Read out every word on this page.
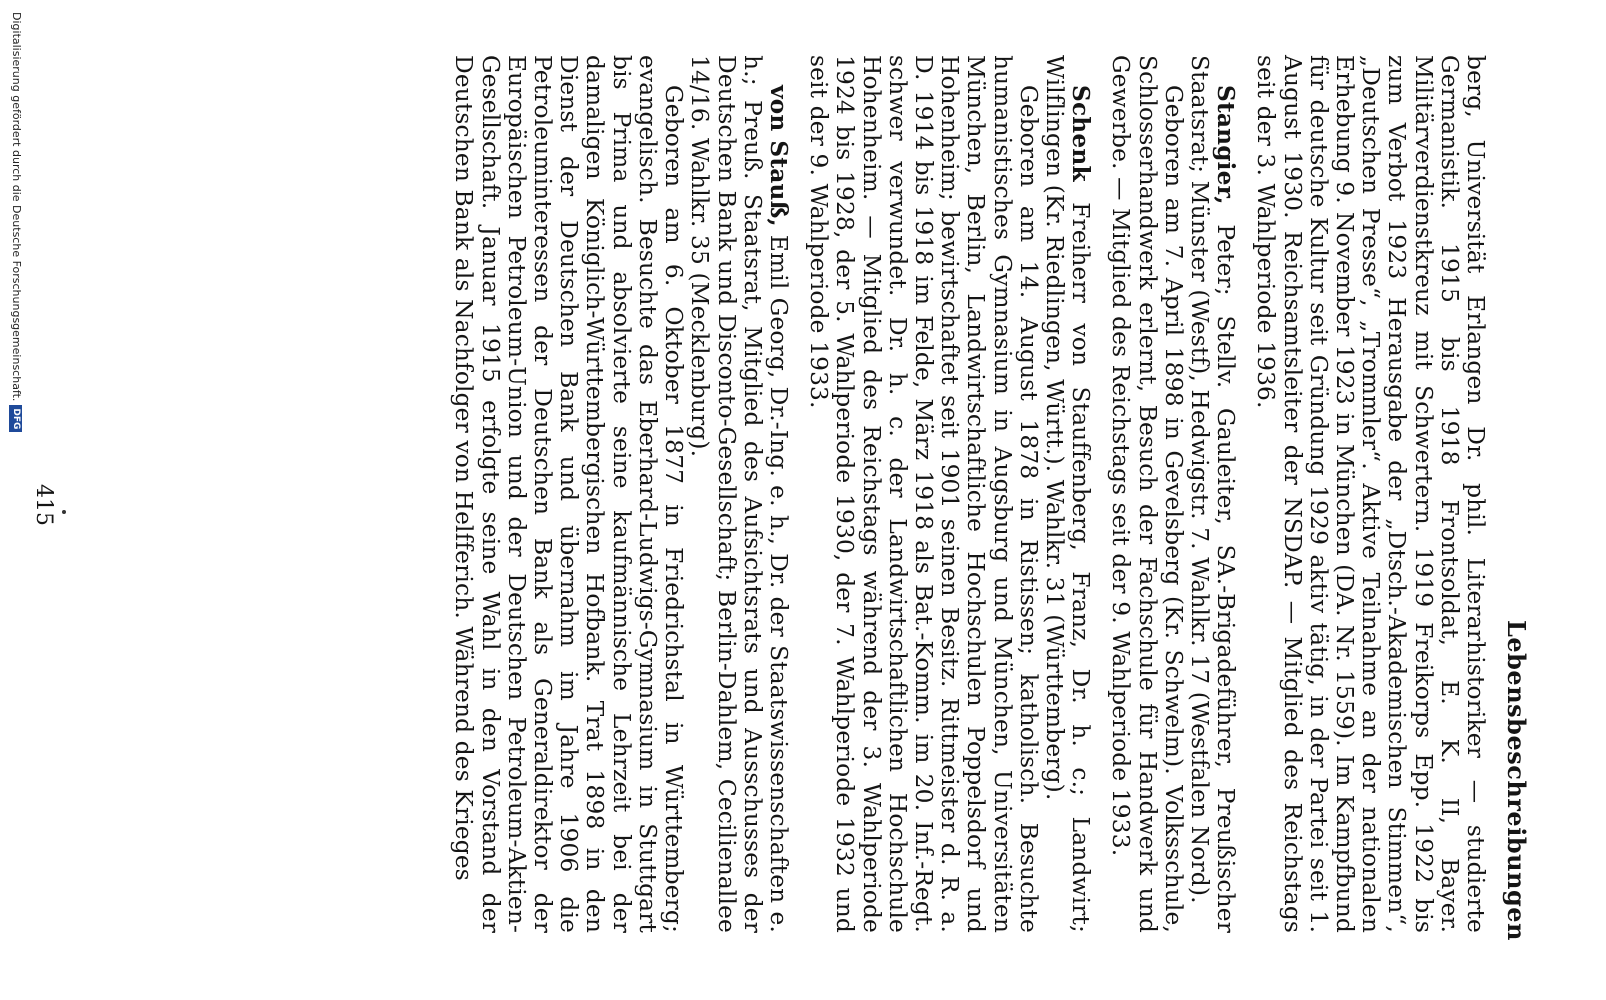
Lebensbeschreibungen

berg, Universität Erlangen Dr. phil. Literarhistoriker — studierte Germanistik. 1915 bis 1918 Frontsoldat, E. K. II, Bayer. Militärverdienstkreuz mit Schwertern. 1919 Freikorps Epp. 1922 bis zum Verbot 1923 Herausgabe der „Dtsch.-Akademischen Stimmen“, „Deutschen Presse“, „Trommler“. Aktive Teilnahme an der nationalen Erhebung 9. November 1923 in München (DA. Nr. 1559). Im Kampfbund für deutsche Kultur seit Gründung 1929 aktiv tätig, in der Partei seit 1. August 1930. Reichsamtsleiter der NSDAP. — Mitglied des Reichstags seit der 3. Wahlperiode 1936.

Stangier, Peter; Stellv. Gauleiter, SA.-Brigadeführer, Preußischer Staatsrat; Münster (Westf), Hedwigstr. 7. Wahlkr. 17 (Westfalen Nord).

Geboren am 7. April 1898 in Gevelsberg (Kr. Schwelm). Volksschule, Schlosserhandwerk erlernt, Besuch der Fachschule für Handwerk und Gewerbe. — Mitglied des Reichstags seit der 9. Wahlperiode 1933.

Schenk Freiherr von Stauffenberg, Franz, Dr. h. c.; Landwirt; Wilflingen (Kr. Riedlingen, Württ.). Wahlkr. 31 (Württemberg).

Geboren am 14. August 1878 in Ristissen; katholisch. Besuchte humanistisches Gymnasium in Augsburg und München, Universitäten München, Berlin, Landwirtschaftliche Hochschulen Poppelsdorf und Hohenheim; bewirtschaftet seit 1901 seinen Besitz. Rittmeister d. R. a. D. 1914 bis 1918 im Felde, März 1918 als Bat.-Komm. im 20. Inf.-Regt. schwer verwundet. Dr. h. c. der Landwirtschaftlichen Hochschule Hohenheim. — Mitglied des Reichstags während der 3. Wahlperiode 1924 bis 1928, der 5. Wahlperiode 1930, der 7. Wahlperiode 1932 und seit der 9. Wahlperiode 1933.

von Stauß, Emil Georg, Dr.-Ing. e. h., Dr. der Staatswissenschaften e. h.; Preuß. Staatsrat, Mitglied des Aufsichtsrats und Ausschusses der Deutschen Bank und Disconto-Gesellschaft; Berlin-Dahlem, Cecilienallee 14/16. Wahlkr. 35 (Mecklenburg).

Geboren am 6. Oktober 1877 in Friedrichstal in Württemberg; evangelisch. Besuchte das Eberhard-Ludwigs-Gymnasium in Stuttgart bis Prima und absolvierte seine kaufmännische Lehrzeit bei der damaligen Königlich-Württembergischen Hofbank. Trat 1898 in den Dienst der Deutschen Bank und übernahm im Jahre 1906 die Petroleuminteressen der Deutschen Bank als Generaldirektor der Europäischen Petroleum-Union und der Deutschen Petroleum-Aktien-Gesellschaft. Januar 1915 erfolgte seine Wahl in den Vorstand der Deutschen Bank als Nachfolger von Helfferich. Während des Krieges

415

Digitalisierung gefördert durch die Deutsche Forschungsgemeinschaft.DFG
